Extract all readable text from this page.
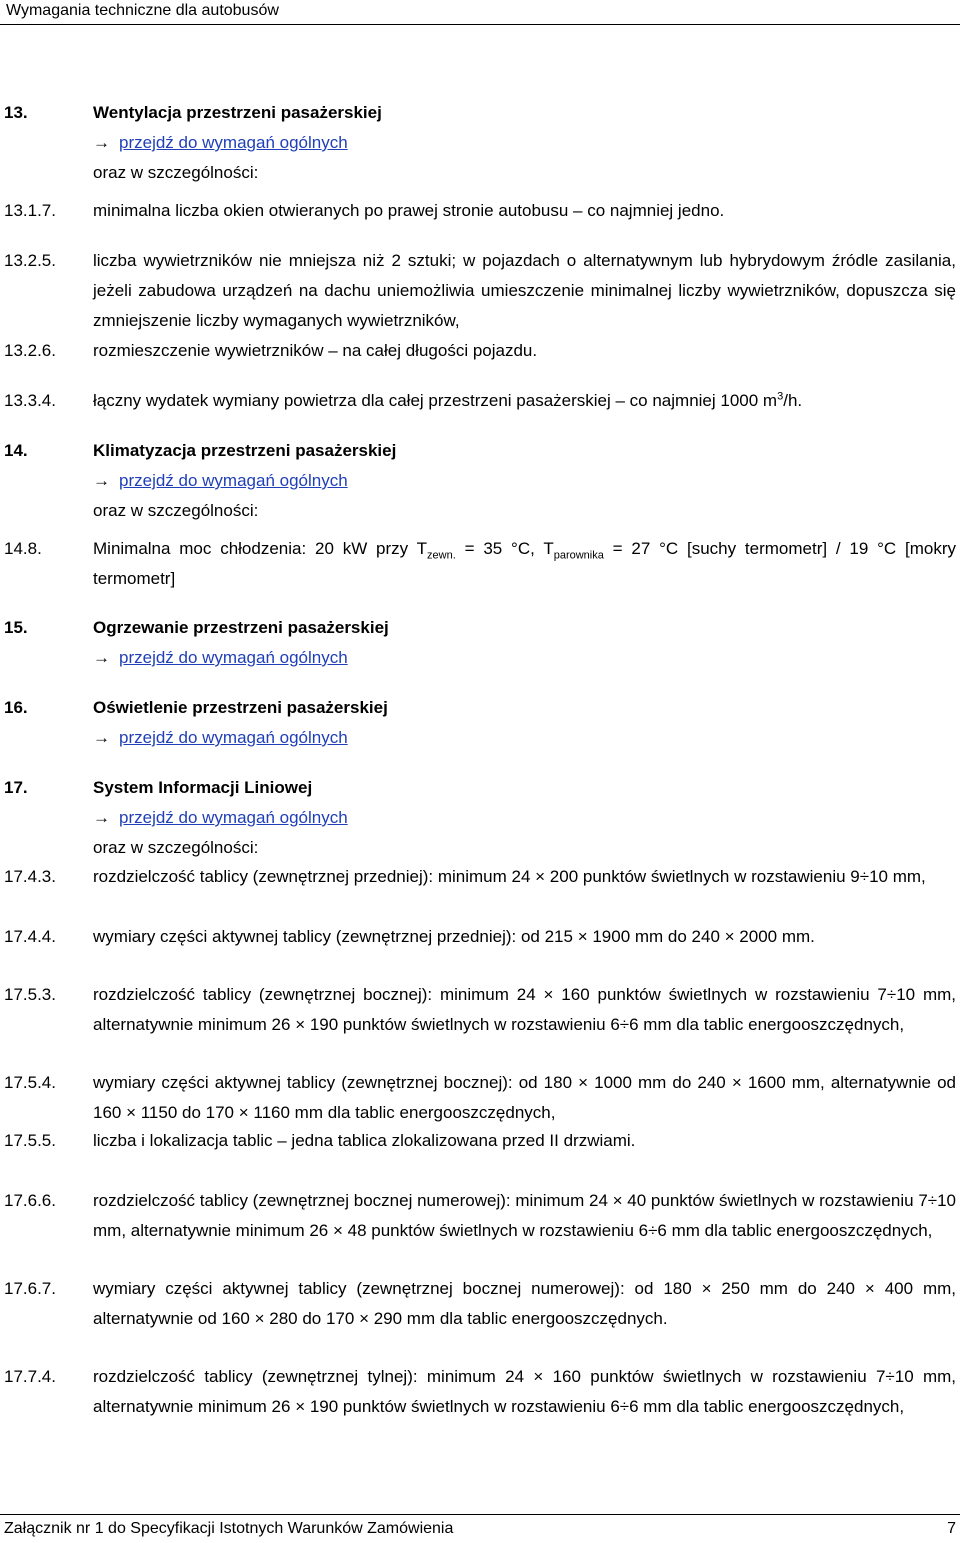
Wymagania techniczne dla autobusów
13.	Wentylacja przestrzeni pasażerskiej
→ przejdź do wymagań ogólnych
oraz w szczególności:
13.1.7. minimalna liczba okien otwieranych po prawej stronie autobusu – co najmniej jedno.
13.2.5. liczba wywietrzników nie mniejsza niż 2 sztuki; w pojazdach o alternatywnym lub hybrydowym źródle zasilania, jeżeli zabudowa urządzeń na dachu uniemożliwia umieszczenie minimalnej liczby wywietrzników, dopuszcza się zmniejszenie liczby wymaganych wywietrzników,
13.2.6. rozmieszczenie wywietrzników – na całej długości pojazdu.
13.3.4. łączny wydatek wymiany powietrza dla całej przestrzeni pasażerskiej – co najmniej 1000 $m^3/h$.
14.	Klimatyzacja przestrzeni pasażerskiej
→ przejdź do wymagań ogólnych
oraz w szczególności:
14.8.	Minimalna moc chłodzenia: 20 kW przy $T_{zewn.} = 35$ °C, $T_{parownika} = 27$ °C [suchy termometr] / 19 °C [mokry termometr]
15.	Ogrzewanie przestrzeni pasażerskiej
→ przejdź do wymagań ogólnych
16.	Oświetlenie przestrzeni pasażerskiej
→ przejdź do wymagań ogólnych
17.	System Informacji Liniowej
→ przejdź do wymagań ogólnych
oraz w szczególności:
17.4.3. rozdzielczość tablicy (zewnętrznej przedniej): minimum 24 × 200 punktów świetlnych w rozstawieniu 9÷10 mm,
17.4.4. wymiary części aktywnej tablicy (zewnętrznej przedniej): od 215 × 1900 mm do 240 × 2000 mm.
17.5.3. rozdzielczość tablicy (zewnętrznej bocznej): minimum 24 × 160 punktów świetlnych w rozstawieniu 7÷10 mm, alternatywnie minimum 26 × 190 punktów świetlnych w rozstawieniu 6÷6 mm dla tablic energooszczędnych,
17.5.4. wymiary części aktywnej tablicy (zewnętrznej bocznej): od 180 × 1000 mm do 240 × 1600 mm, alternatywnie od 160 × 1150 do 170 × 1160 mm dla tablic energooszczędnych,
17.5.5. liczba i lokalizacja tablic – jedna tablica zlokalizowana przed II drzwiami.
17.6.6. rozdzielczość tablicy (zewnętrznej bocznej numerowej): minimum 24 × 40 punktów świetlnych w rozstawieniu 7÷10 mm, alternatywnie minimum 26 × 48 punktów świetlnych w rozstawieniu 6÷6 mm dla tablic energooszczędnych,
17.6.7. wymiary części aktywnej tablicy (zewnętrznej bocznej numerowej): od 180 × 250 mm do 240 × 400 mm, alternatywnie od 160 × 280 do 170 × 290 mm dla tablic energooszczędnych.
17.7.4. rozdzielczość tablicy (zewnętrznej tylnej): minimum 24 × 160 punktów świetlnych w rozstawieniu 7÷10 mm, alternatywnie minimum 26 × 190 punktów świetlnych w rozstawieniu 6÷6 mm dla tablic energooszczędnych,
Załącznik nr 1 do Specyfikacji Istotnych Warunków Zamówienia	7
